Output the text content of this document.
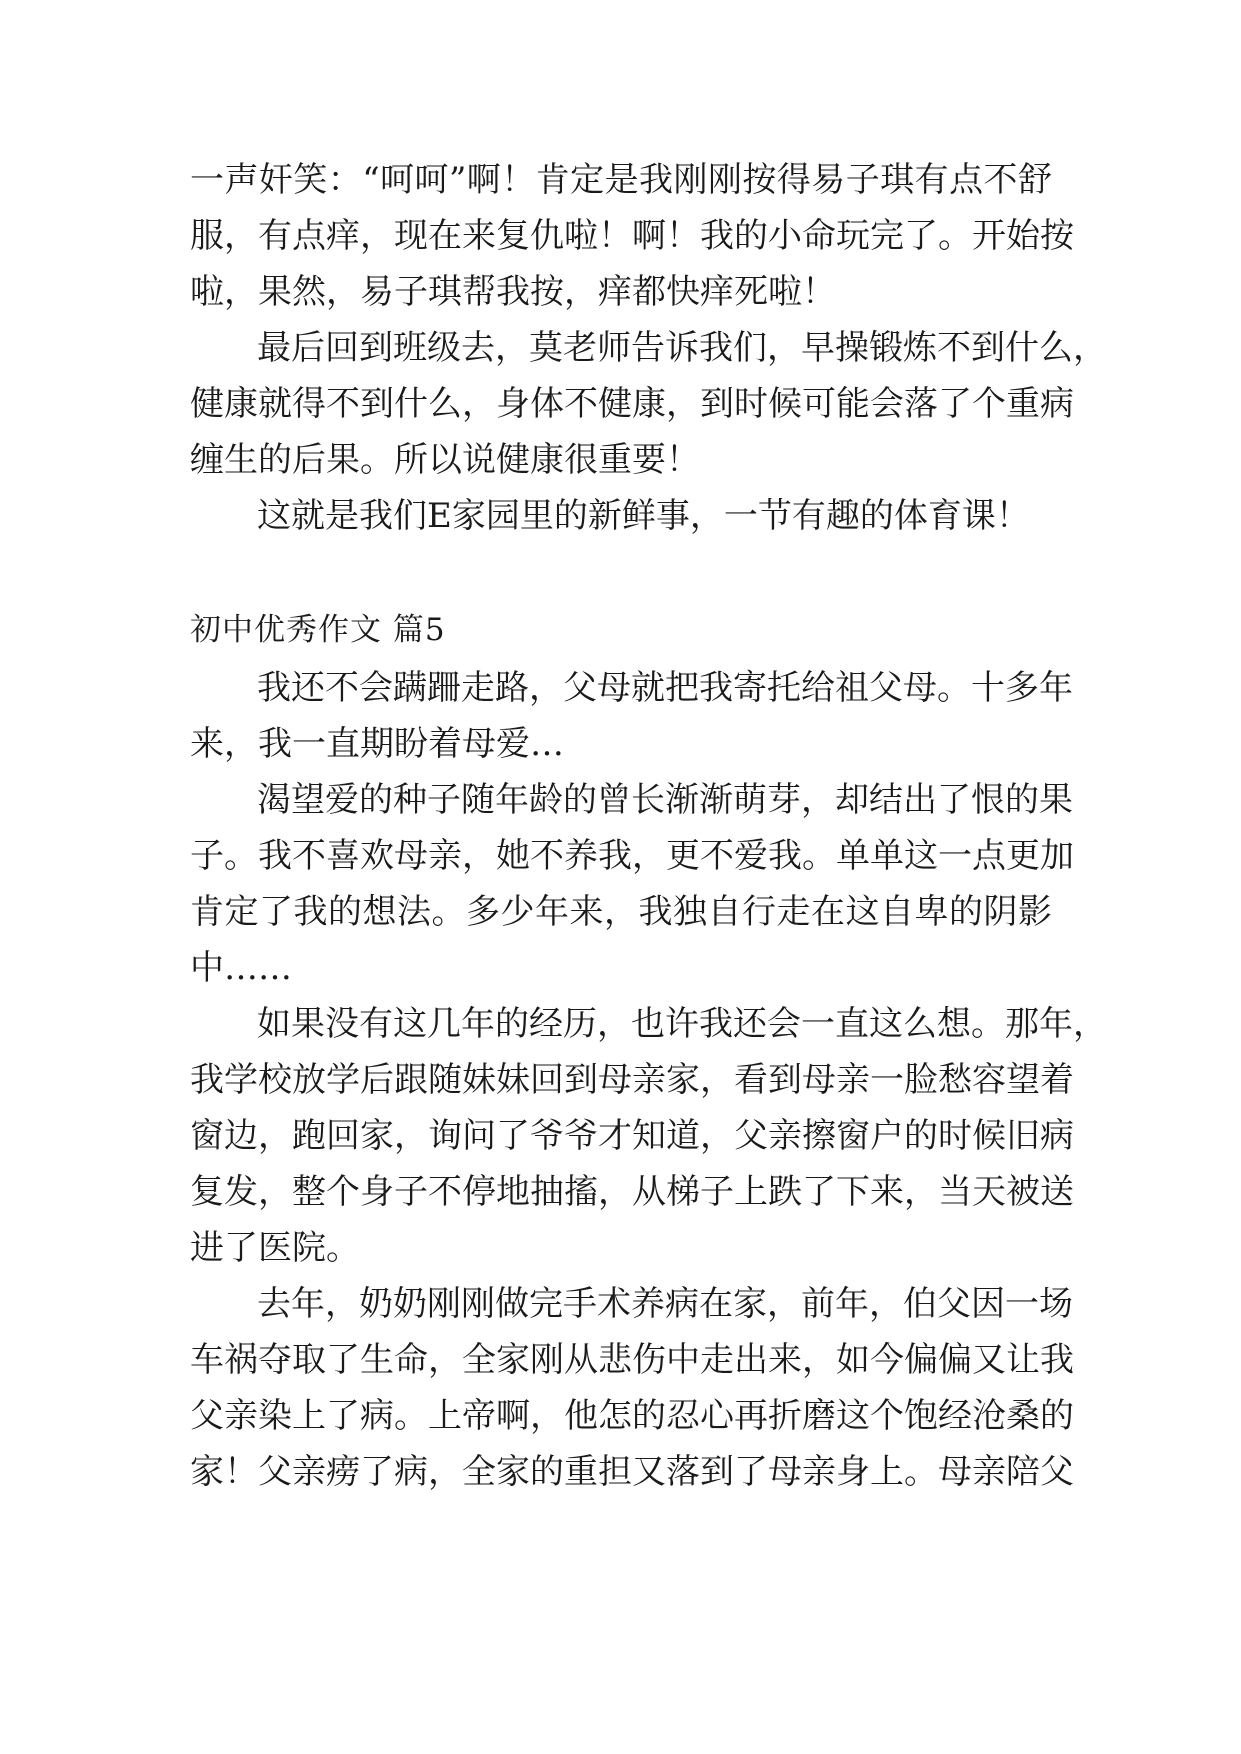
一声奸笑：“呵呵”啊！肯定是我刚刚按得易子琪有点不舒
服，有点痒，现在来复仇啦！啊！我的小命玩完了。开始按
啦，果然，易子琪帮我按，痒都快痒死啦！
最后回到班级去，莫老师告诉我们，早操锻炼不到什么，
健康就得不到什么，身体不健康，到时候可能会落了个重病
缠生的后果。所以说健康很重要！
这就是我们E家园里的新鲜事，一节有趣的体育课！
初中优秀作文 篇5
我还不会蹒跚走路，父母就把我寄托给祖父母。十多年
来，我一直期盼着母爱…
渴望爱的种子随年龄的曾长渐渐萌芽，却结出了恨的果
子。我不喜欢母亲，她不养我，更不爱我。单单这一点更加
肯定了我的想法。多少年来，我独自行走在这自卑的阴影
中……
如果没有这几年的经历，也许我还会一直这么想。那年，
我学校放学后跟随妹妹回到母亲家，看到母亲一脸愁容望着
窗边，跑回家，询问了爷爷才知道，父亲擦窗户的时候旧病
复发，整个身子不停地抽搐，从梯子上跌了下来，当天被送
进了医院。
去年，奶奶刚刚做完手术养病在家，前年，伯父因一场
车祸夺取了生命，全家刚从悲伤中走出来，如今偏偏又让我
父亲染上了病。上帝啊，他怎的忍心再折磨这个饱经沧桑的
家！父亲痨了病，全家的重担又落到了母亲身上。母亲陪父
